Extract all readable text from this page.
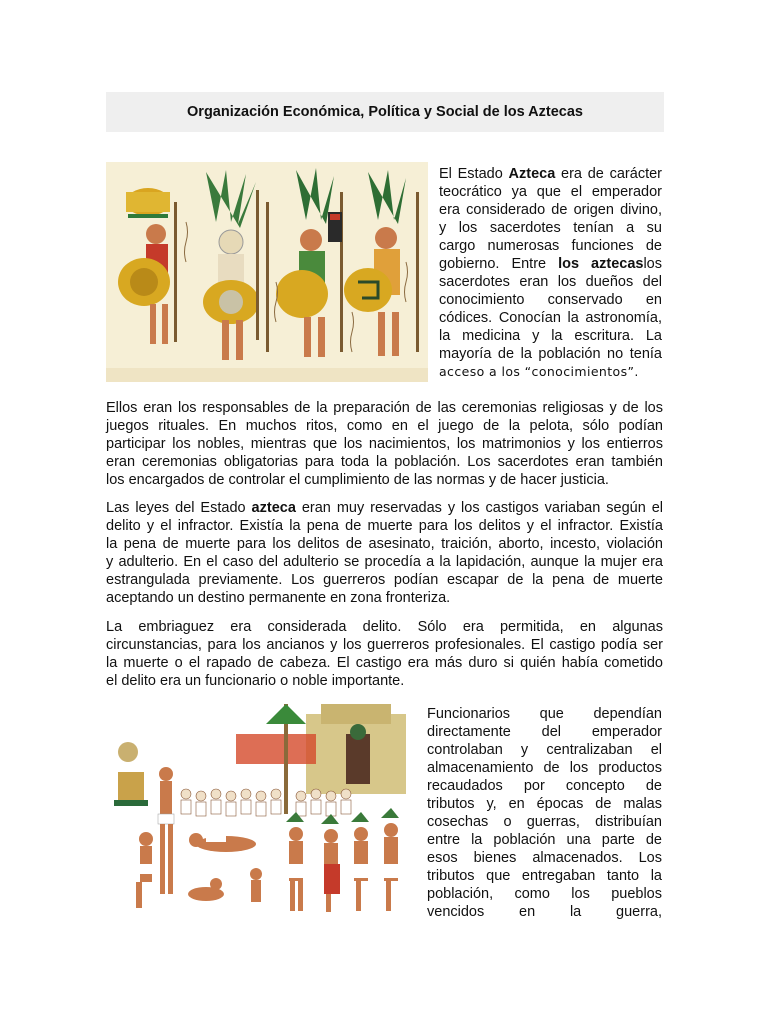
Organización Económica, Política y Social de los Aztecas
El Estado Azteca era de carácter
teocrático ya que el emperador
era considerado de origen divino,
y los sacerdotes tenían a su
cargo numerosas funciones de
gobierno. Entre los aztecaslos
sacerdotes eran los dueños del
conocimiento conservado en
códices. Conocían la astronomía,
la medicina y la escritura. La
mayoría de la población no tenía
acceso a los “conocimientos”.
Ellos eran los responsables de la preparación de las ceremonias religiosas y de los
juegos rituales. En muchos ritos, como en el juego de la pelota, sólo podían
participar los nobles, mientras que los nacimientos, los matrimonios y los entierros
eran ceremonias obligatorias para toda la población. Los sacerdotes eran también
los encargados de controlar el cumplimiento de las normas y de hacer justicia.
Las leyes del Estado azteca eran muy reservadas y los castigos variaban según el
delito y el infractor. Existía la pena de muerte para los delitos y el infractor. Existía
la pena de muerte para los delitos de asesinato, traición, aborto, incesto, violación
y adulterio. En el caso del adulterio se procedía a la lapidación, aunque la mujer era
estrangulada previamente. Los guerreros podían escapar de la pena de muerte
aceptando un destino permanente en zona fronteriza.
La embriaguez era considerada delito. Sólo era permitida, en algunas
circunstancias, para los ancianos y los guerreros profesionales. El castigo podía ser
la muerte o el rapado de cabeza. El castigo era más duro si quién había cometido
el delito era un funcionario o noble importante.
Funcionarios que dependían
directamente del emperador
controlaban y centralizaban el
almacenamiento de los productos
recaudados por concepto de
tributos y, en épocas de malas
cosechas o guerras, distribuían
entre la población una parte de
esos bienes almacenados. Los
tributos que entregaban tanto la
población, como los pueblos
vencidos en la guerra,
